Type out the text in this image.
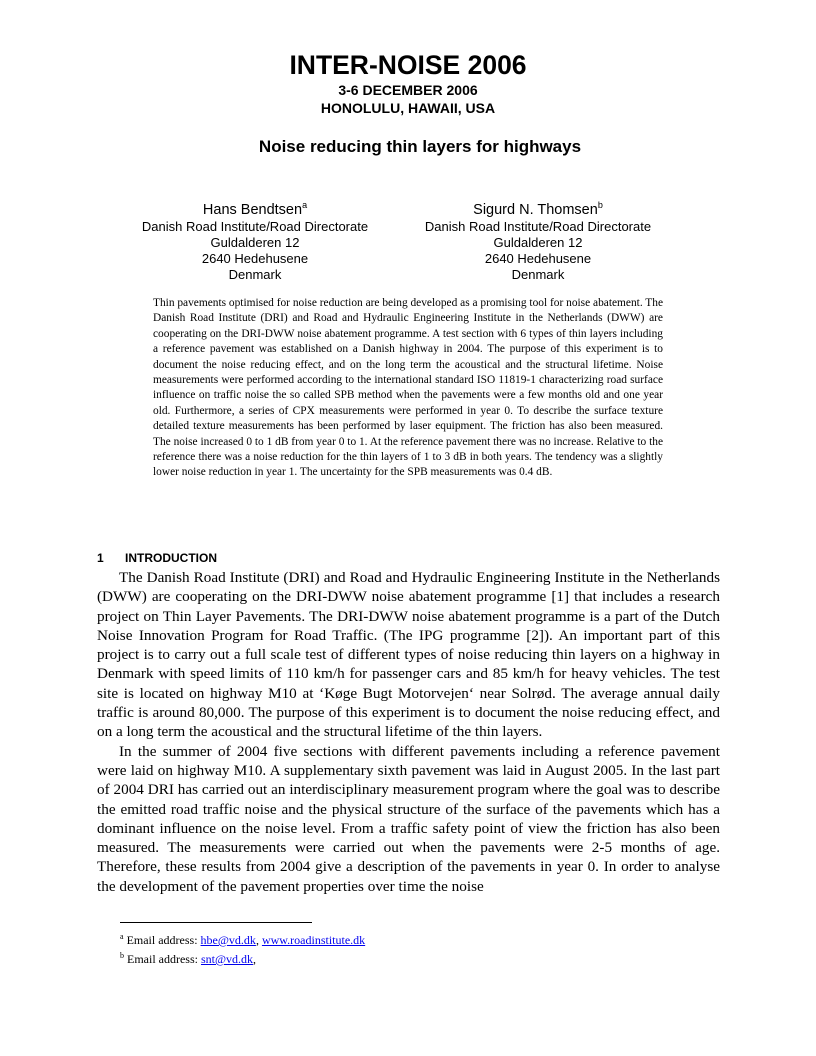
INTER-NOISE 2006
3-6 DECEMBER 2006
HONOLULU, HAWAII, USA
Noise reducing thin layers for highways
Hans Bendtsen$^a$
Danish Road Institute/Road Directorate
Guldalderen 12
2640 Hedehusene
Denmark
Sigurd N. Thomsen$^b$
Danish Road Institute/Road Directorate
Guldalderen 12
2640 Hedehusene
Denmark
Thin pavements optimised for noise reduction are being developed as a promising tool for noise abatement. The Danish Road Institute (DRI) and Road and Hydraulic Engineering Institute in the Netherlands (DWW) are cooperating on the DRI-DWW noise abatement programme. A test section with 6 types of thin layers including a reference pavement was established on a Danish highway in 2004. The purpose of this experiment is to document the noise reducing effect, and on the long term the acoustical and the structural lifetime. Noise measurements were performed according to the international standard ISO 11819-1 characterizing road surface influence on traffic noise the so called SPB method when the pavements were a few months old and one year old. Furthermore, a series of CPX measurements were performed in year 0. To describe the surface texture detailed texture measurements has been performed by laser equipment. The friction has also been measured. The noise increased 0 to 1 dB from year 0 to 1. At the reference pavement there was no increase. Relative to the reference there was a noise reduction for the thin layers of 1 to 3 dB in both years. The tendency was a slightly lower noise reduction in year 1. The uncertainty for the SPB measurements was 0.4 dB.
1 INTRODUCTION

The Danish Road Institute (DRI) and Road and Hydraulic Engineering Institute in the Netherlands (DWW) are cooperating on the DRI-DWW noise abatement programme [1] that includes a research project on Thin Layer Pavements. The DRI-DWW noise abatement programme is a part of the Dutch Noise Innovation Program for Road Traffic. (The IPG programme [2]). An important part of this project is to carry out a full scale test of different types of noise reducing thin layers on a highway in Denmark with speed limits of 110 km/h for passenger cars and 85 km/h for heavy vehicles. The test site is located on highway M10 at ‘Køge Bugt Motorvejen‘ near Solrød. The average annual daily traffic is around 80,000. The purpose of this experiment is to document the noise reducing effect, and on a long term the acoustical and the structural lifetime of the thin layers.

In the summer of 2004 five sections with different pavements including a reference pavement were laid on highway M10. A supplementary sixth pavement was laid in August 2005. In the last part of 2004 DRI has carried out an interdisciplinary measurement program where the goal was to describe the emitted road traffic noise and the physical structure of the surface of the pavements which has a dominant influence on the noise level. From a traffic safety point of view the friction has also been measured. The measurements were carried out when the pavements were 2-5 months of age. Therefore, these results from 2004 give a description of the pavements in year 0. In order to analyse the development of the pavement properties over time the noise

$^a$ Email address: hbe@vd.dk, www.roadinstitute.dk
$^b$ Email address: snt@vd.dk,
